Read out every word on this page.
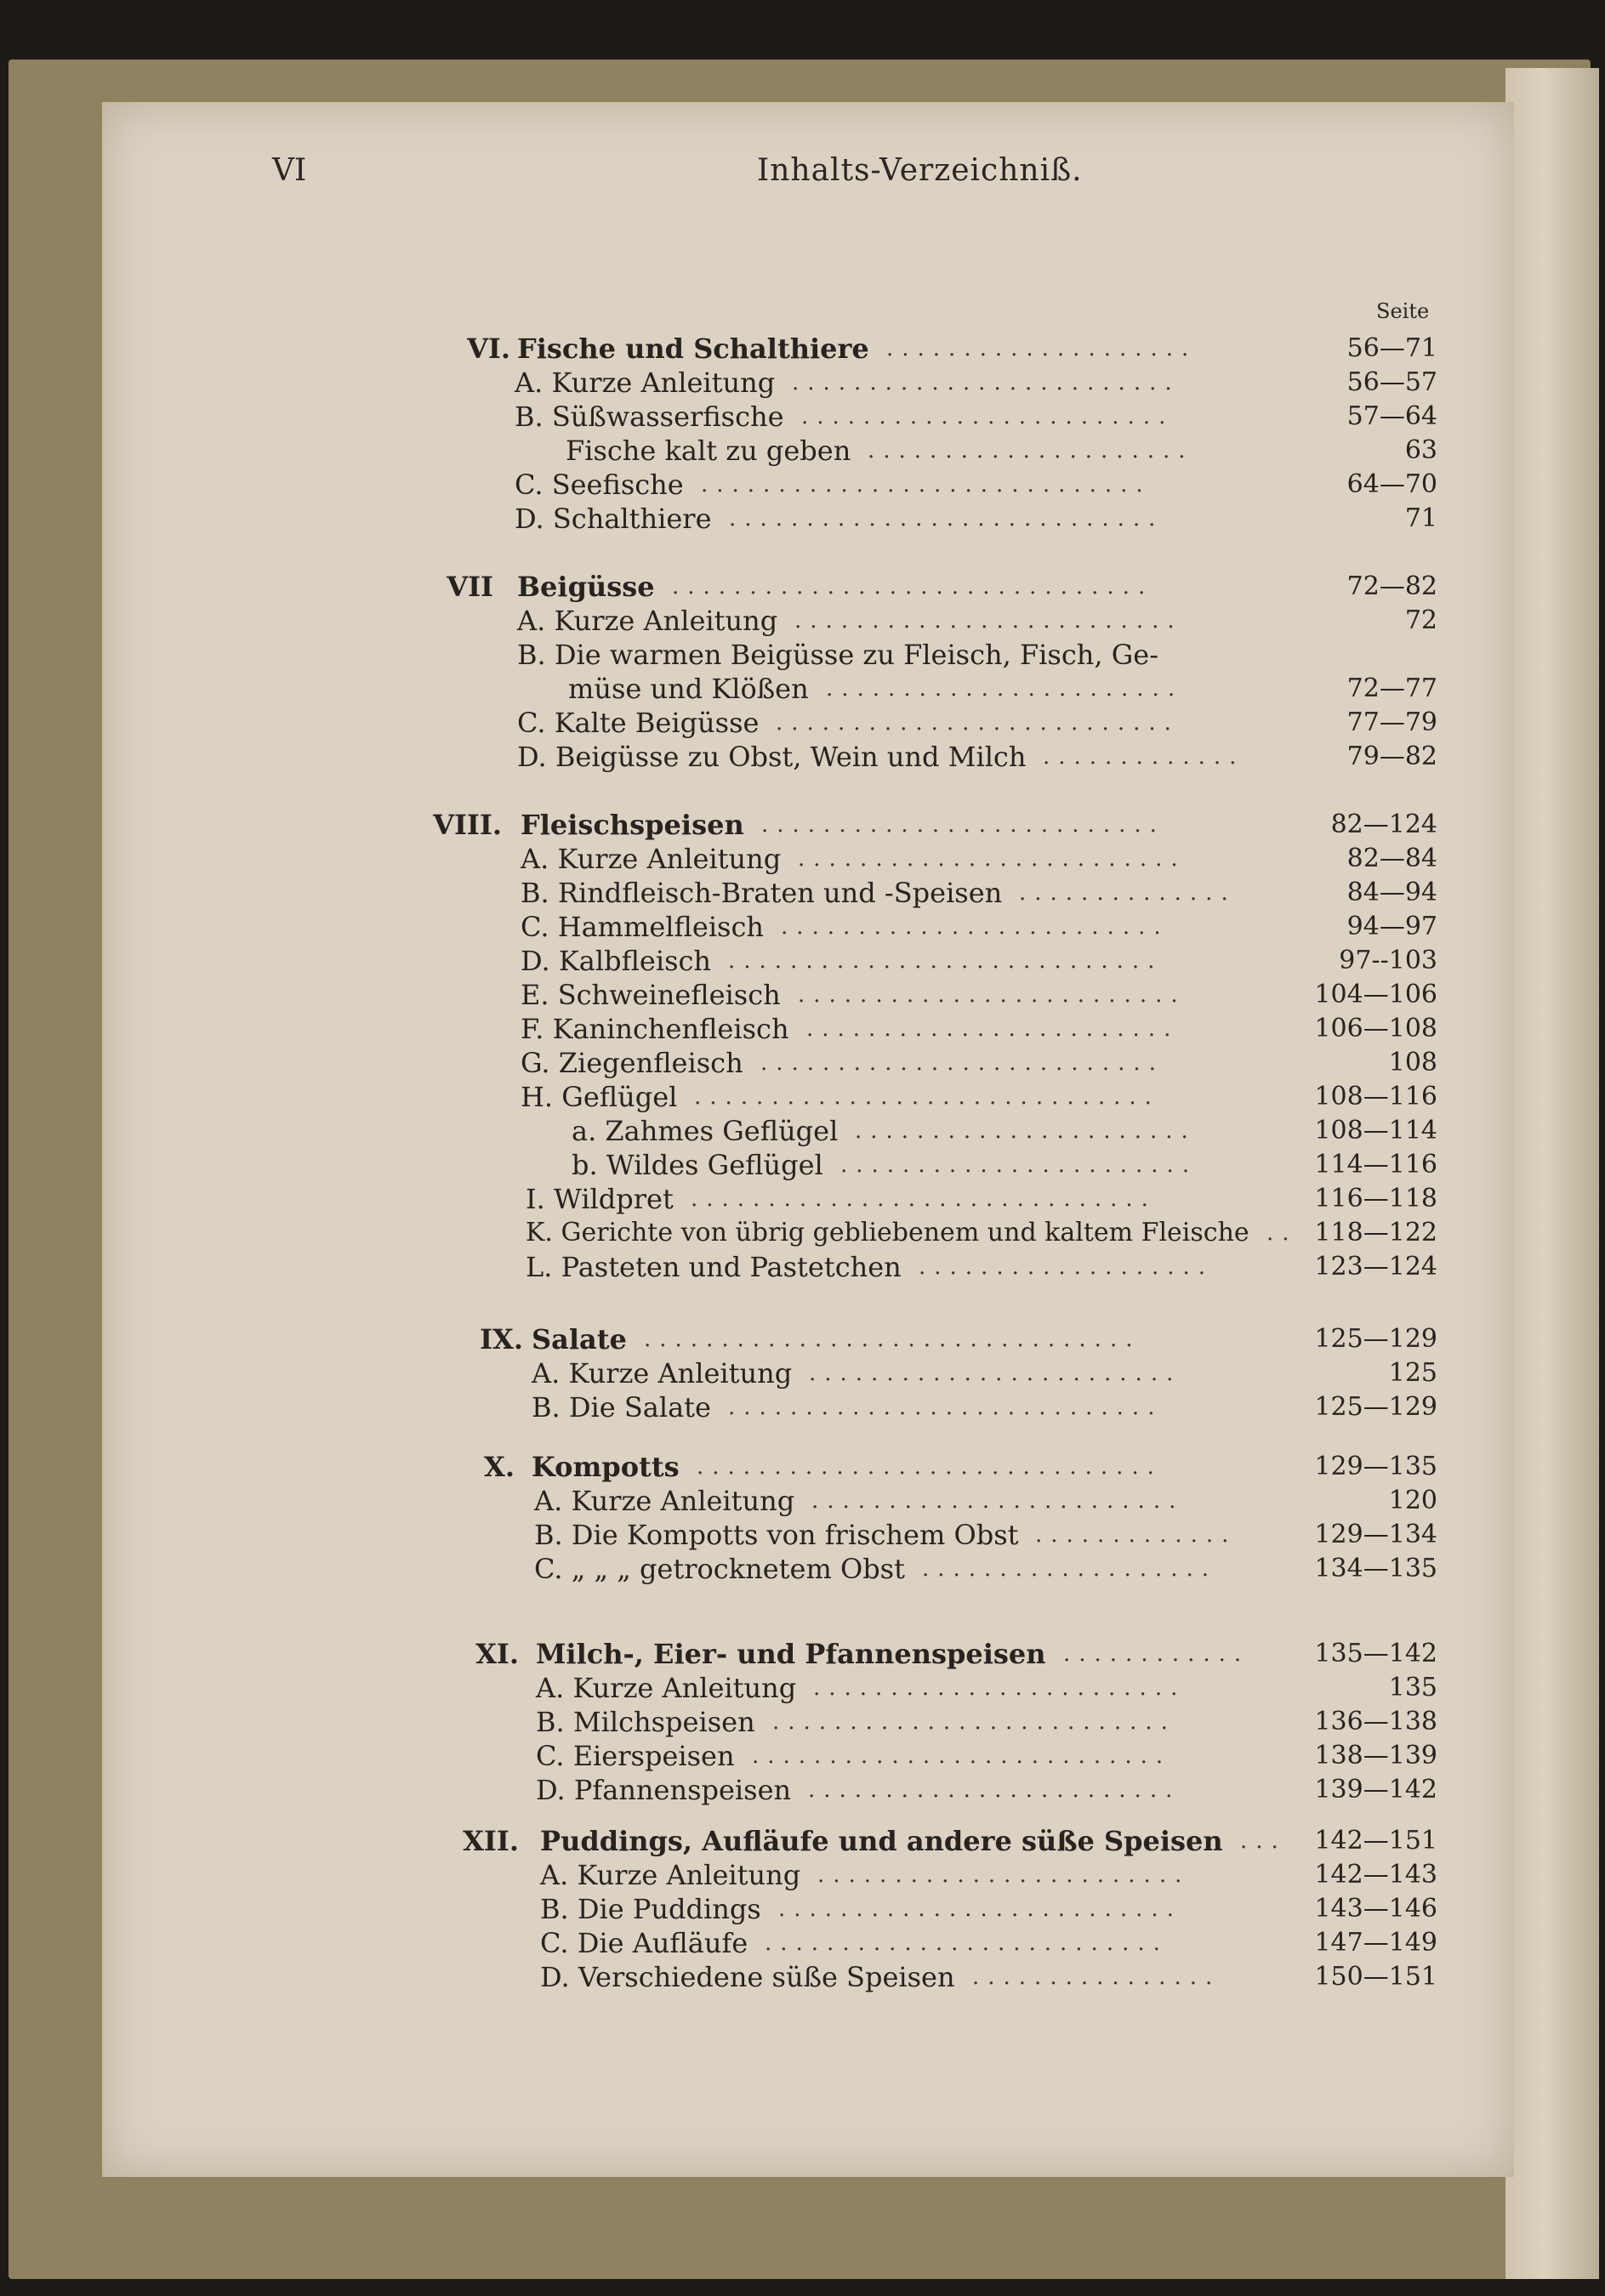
VI	Inhalts-Verzeichniß.
Seite
VI. Fische und Schalthiere	56—71
....................
A. Kurze Anleitung	56—57
.........................
B. Süßwasserfische	57—64
........................
Fische kalt zu geben	63
.....................
C. Seefische	64—70
.............................
D. Schalthiere	71
............................
VII Beigüsse	72—82
...............................
A. Kurze Anleitung	72
.........................
B. Die warmen Beigüsse zu Fleisch, Fisch, Ge-
müse und Klößen	72—77
.......................
C. Kalte Beigüsse	77—79
..........................
D. Beigüsse zu Obst, Wein und Milch	79—82
.............
VIII. Fleischspeisen	82—124
..........................
A. Kurze Anleitung	82—84
.........................
B. Rindfleisch-Braten und -Speisen	84—94
..............
C. Hammelfleisch	94—97
.........................
D. Kalbfleisch	97--103
............................
E. Schweinefleisch	104—106
.........................
F. Kaninchenfleisch	106—108
........................
G. Ziegenfleisch	108
..........................
H. Geflügel	108—116
..............................
a. Zahmes Geflügel	108—114
......................
b. Wildes Geflügel	114—116
.......................
I. Wildpret	116—118
..............................
K. Gerichte von übrig gebliebenem und kaltem Fleische	118—122
..
L. Pasteten und Pastetchen	123—124
...................
IX. Salate	125—129
................................
A. Kurze Anleitung	125
........................
B. Die Salate	125—129
............................
X. Kompotts	129—135
..............................
A. Kurze Anleitung	120
........................
B. Die Kompotts von frischem Obst	129—134
.............
C. „ „ „ getrocknetem Obst	134—135
...................
XI. Milch-, Eier- und Pfannenspeisen	135—142
............
A. Kurze Anleitung	135
........................
B. Milchspeisen	136—138
..........................
C. Eierspeisen	138—139
...........................
D. Pfannenspeisen	139—142
........................
XII. Puddings, Aufläufe und andere süße Speisen	142—151
...
A. Kurze Anleitung	142—143
........................
B. Die Puddings	143—146
..........................
C. Die Aufläufe	147—149
..........................
D. Verschiedene süße Speisen	150—151
................
